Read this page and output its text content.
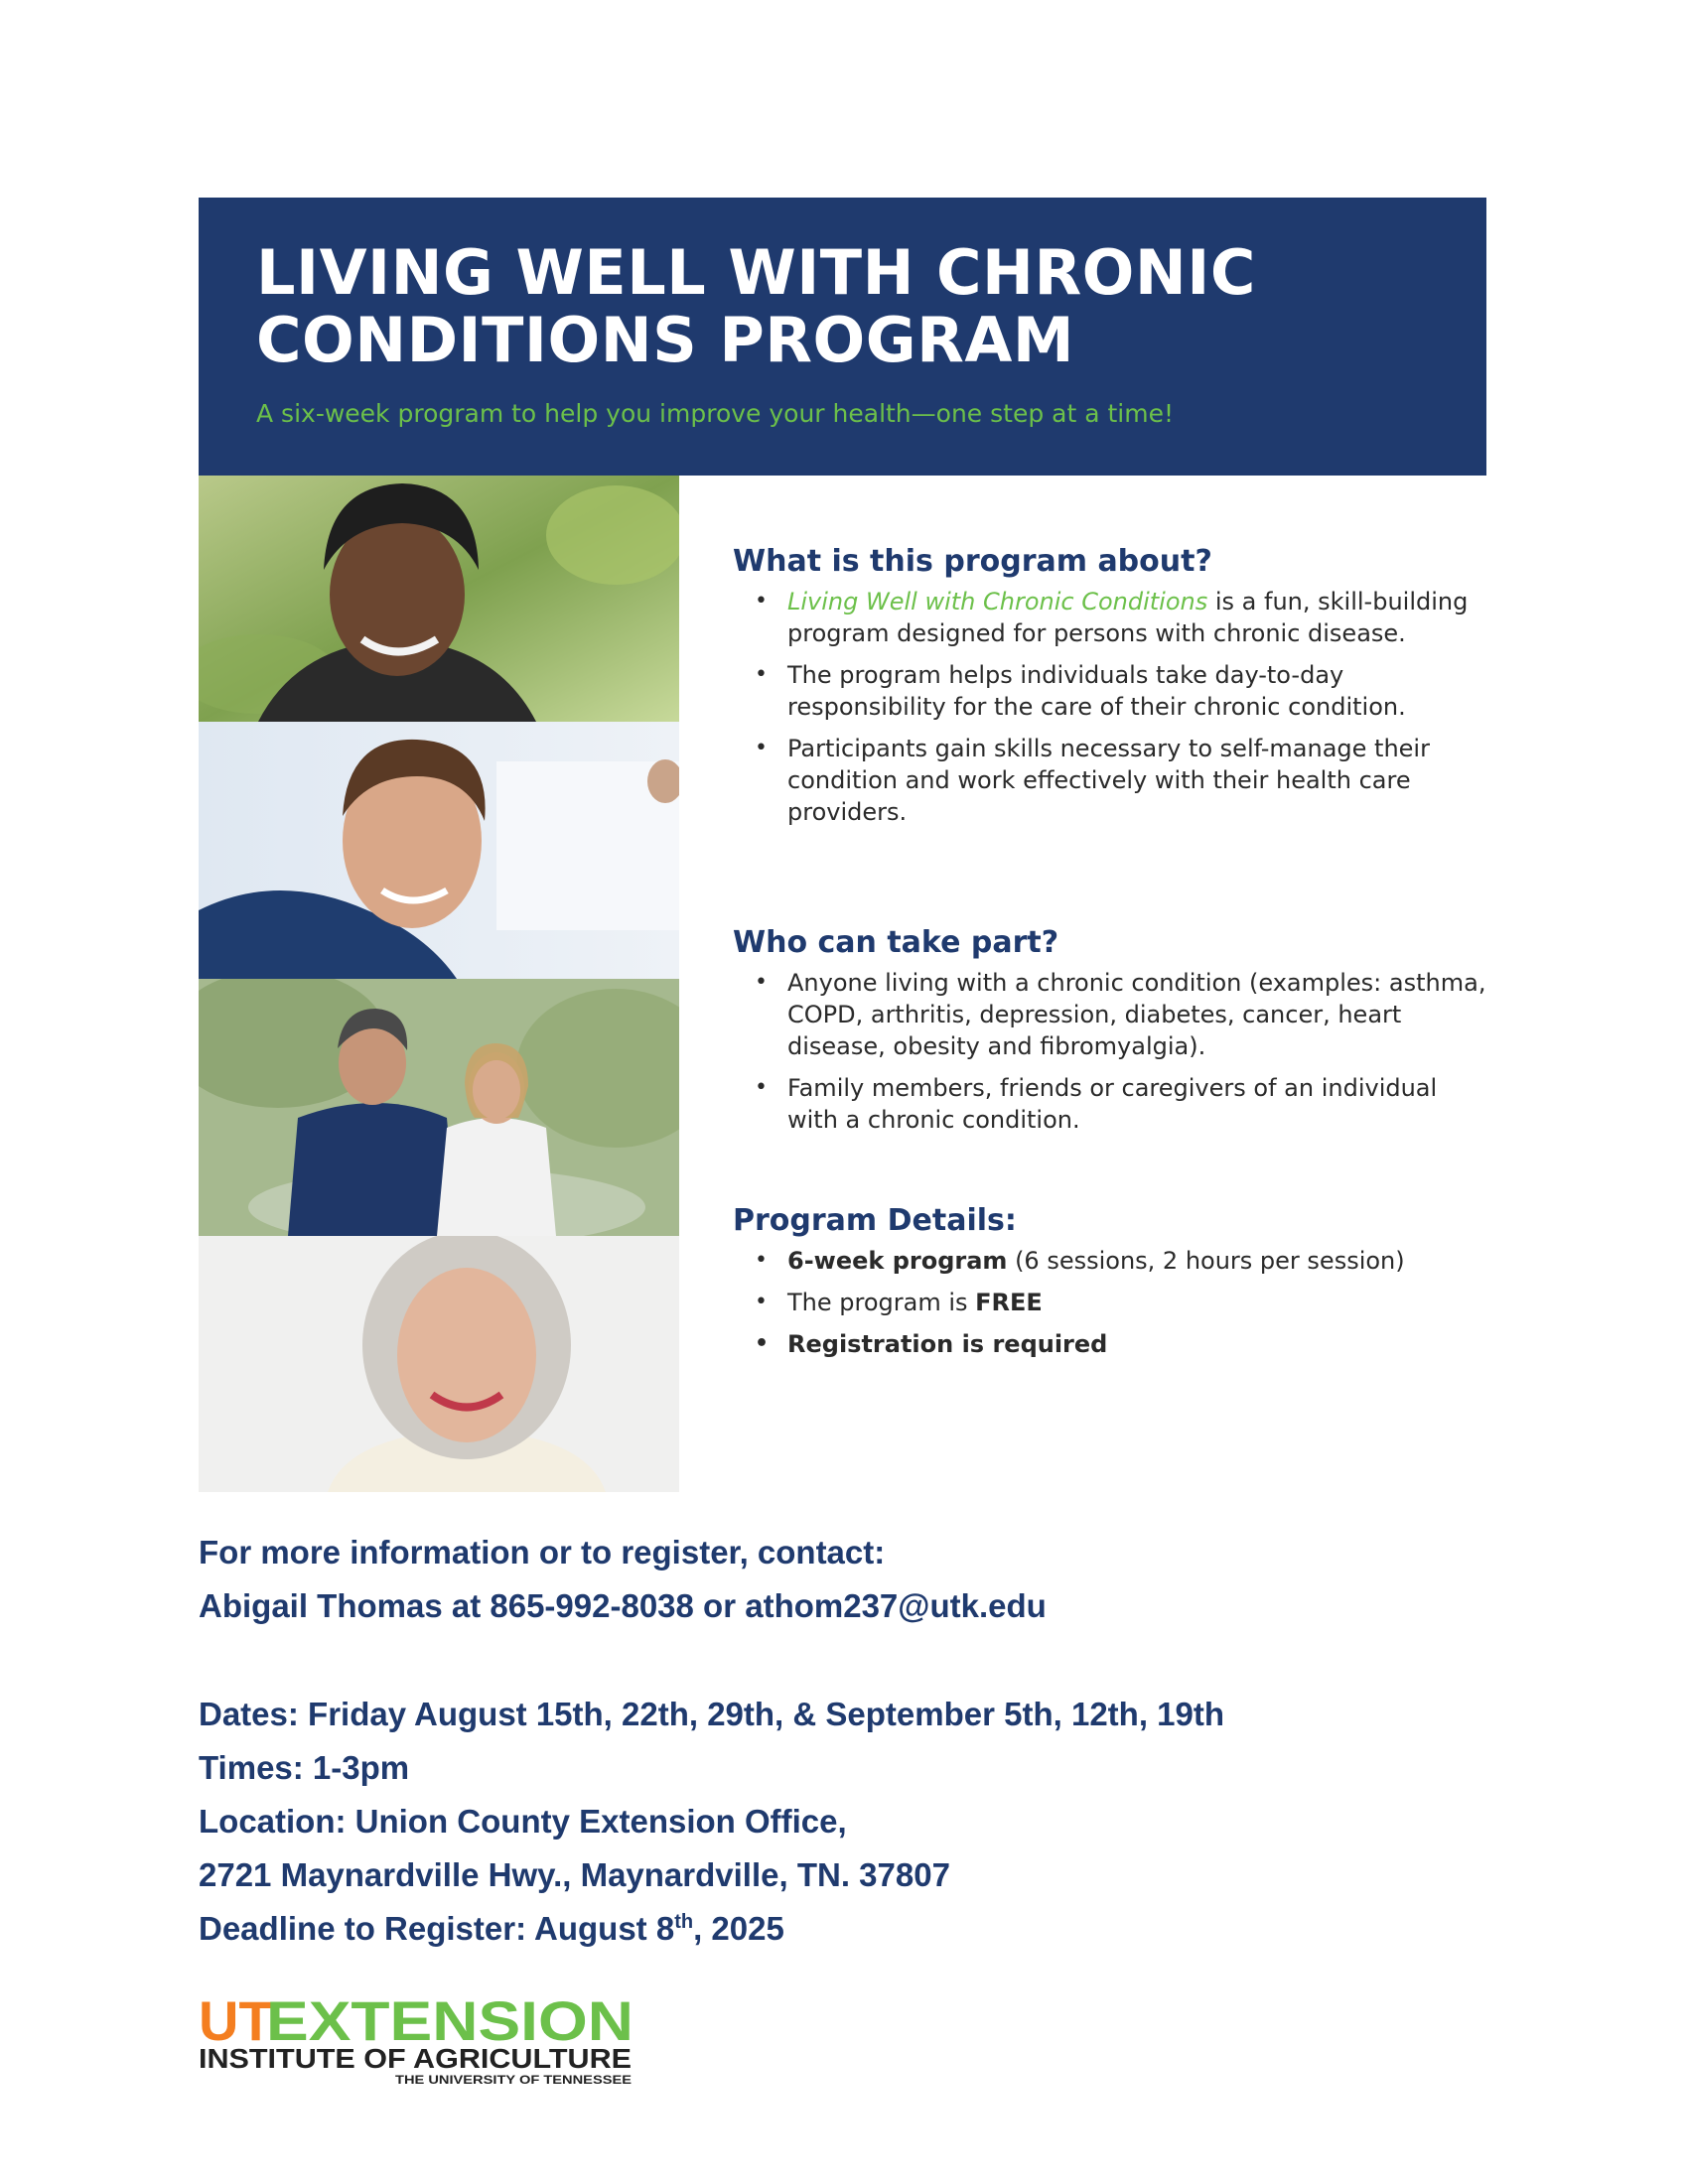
LIVING WELL WITH CHRONIC
CONDITIONS PROGRAM

A six-week program to help you improve your health—one step at a time!

What is this program about?
• Living Well with Chronic Conditions is a fun, skill-building program designed for persons with chronic disease.
• The program helps individuals take day-to-day responsibility for the care of their chronic condition.
• Participants gain skills necessary to self-manage their condition and work effectively with their health care providers.
Who can take part?
• Anyone living with a chronic condition (examples: asthma, COPD, arthritis, depression, diabetes, cancer, heart disease, obesity and fibromyalgia).
• Family members, friends or caregivers of an individual with a chronic condition.
Program Details:
• 6-week program (6 sessions, 2 hours per session)
• The program is FREE
• Registration is required
For more information or to register, contact:
Abigail Thomas at 865-992-8038 or athom237@utk.edu
Dates: Friday August 15th, 22th, 29th, & September 5th, 12th, 19th
Times: 1-3pm
Location: Union County Extension Office,
2721 Maynardville Hwy., Maynardville, TN. 37807
Deadline to Register: August 8th, 2025
UT
EXTENSION
INSTITUTE OF AGRICULTURE
THE UNIVERSITY OF TENNESSEE
